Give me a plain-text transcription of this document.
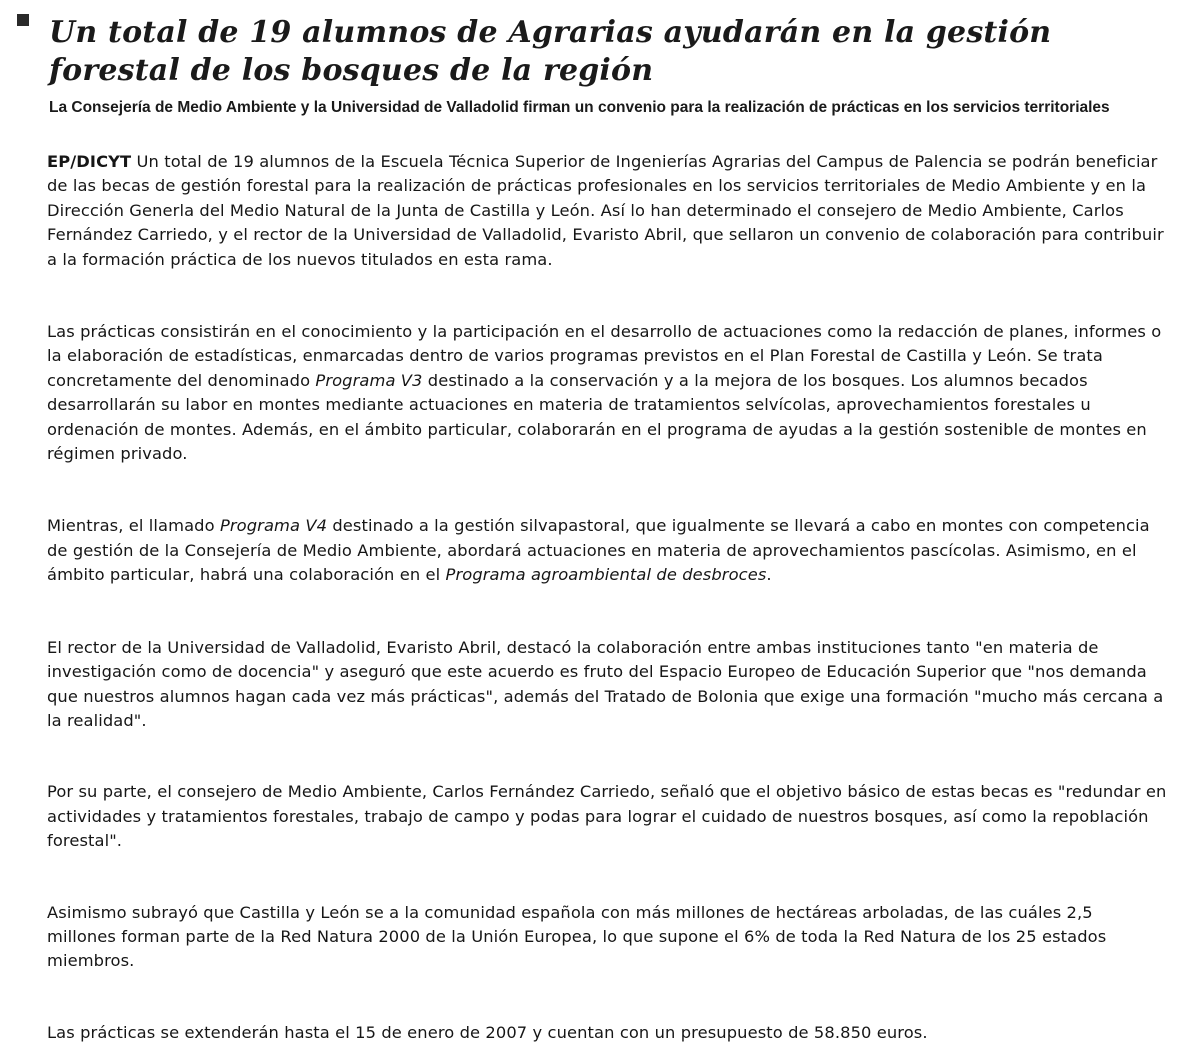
Un total de 19 alumnos de Agrarias ayudarán en la gestión forestal de los bosques de la región

La Consejería de Medio Ambiente y la Universidad de Valladolid firman un convenio para la realización de prácticas en los servicios territoriales

EP/DICYT Un total de 19 alumnos de la Escuela Técnica Superior de Ingenierías Agrarias del Campus de Palencia se podrán beneficiar de las becas de gestión forestal para la realización de prácticas profesionales en los servicios territoriales de Medio Ambiente y en la Dirección Generla del Medio Natural de la Junta de Castilla y León. Así lo han determinado el consejero de Medio Ambiente, Carlos Fernández Carriedo, y el rector de la Universidad de Valladolid, Evaristo Abril, que sellaron un convenio de colaboración para contribuir a la formación práctica de los nuevos titulados en esta rama.

Las prácticas consistirán en el conocimiento y la participación en el desarrollo de actuaciones como la redacción de planes, informes o la elaboración de estadísticas, enmarcadas dentro de varios programas previstos en el Plan Forestal de Castilla y León. Se trata concretamente del denominado Programa V3 destinado a la conservación y a la mejora de los bosques. Los alumnos becados desarrollarán su labor en montes mediante actuaciones en materia de tratamientos selvícolas, aprovechamientos forestales u ordenación de montes. Además, en el ámbito particular, colaborarán en el programa de ayudas a la gestión sostenible de montes en régimen privado.

Mientras, el llamado Programa V4 destinado a la gestión silvapastoral, que igualmente se llevará a cabo en montes con competencia de gestión de la Consejería de Medio Ambiente, abordará actuaciones en materia de aprovechamientos pascícolas. Asimismo, en el ámbito particular, habrá una colaboración en el Programa agroambiental de desbroces.

El rector de la Universidad de Valladolid, Evaristo Abril, destacó la colaboración entre ambas instituciones tanto "en materia de investigación como de docencia" y aseguró que este acuerdo es fruto del Espacio Europeo de Educación Superior que "nos demanda que nuestros alumnos hagan cada vez más prácticas", además del Tratado de Bolonia que exige una formación "mucho más cercana a la realidad".

Por su parte, el consejero de Medio Ambiente, Carlos Fernández Carriedo, señaló que el objetivo básico de estas becas es "redundar en actividades y tratamientos forestales, trabajo de campo y podas para lograr el cuidado de nuestros bosques, así como la repoblación forestal".

Asimismo subrayó que Castilla y León se a la comunidad española con más millones de hectáreas arboladas, de las cuáles 2,5 millones forman parte de la Red Natura 2000 de la Unión Europea, lo que supone el 6% de toda la Red Natura de los 25 estados miembros.

Las prácticas se extenderán hasta el 15 de enero de 2007 y cuentan con un presupuesto de 58.850 euros.
